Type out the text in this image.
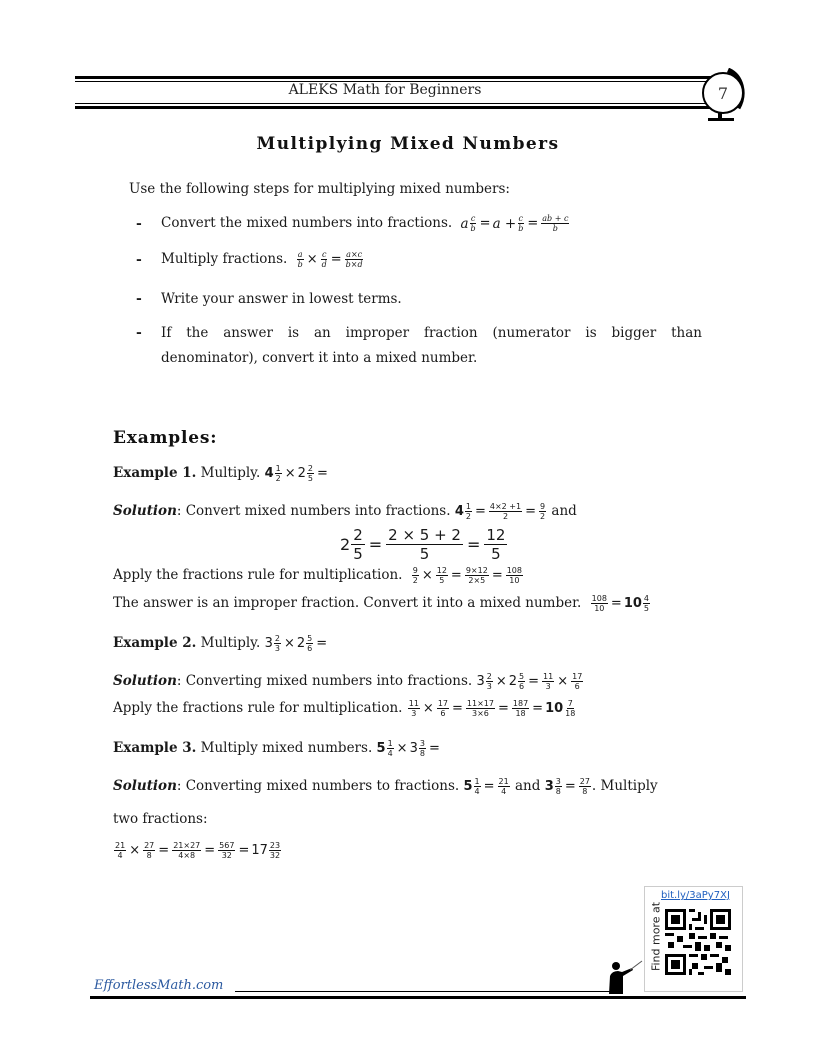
ALEKS Math for Beginners	7
Multiplying Mixed Numbers
Use the following steps for multiplying mixed numbers:
- Convert the mixed numbers into fractions. a $\frac{c}{b} = a + \frac{c}{b} = \frac{ab + c}{b}$
- Multiply fractions. $\frac{a}{b} \times \frac{c}{d} = \frac{a\times c}{b\times d}$
- Write your answer in lowest terms.
- If the answer is an improper fraction (numerator is bigger than
denominator), convert it into a mixed number.
Examples:
Example 1. Multiply. $4 \frac{1}{2} \times 2 \frac{2}{5}$ =
Solution: Convert mixed numbers into fractions. $4 \frac{1}{2} = \frac{4\times 2 +1}{2} = \frac{9}{2}$ and
$2 \frac{2}{5} = \frac{2 \times 5 + 2}{5} = \frac{12}{5}$
Apply the fractions rule for multiplication. $\frac{9}{2} \times \frac{12}{5} = \frac{9\times 12}{2\times 5} = \frac{108}{10}$
The answer is an improper fraction. Convert it into a mixed number. $\frac{108}{10} = 10 \frac{4}{5}$
Example 2. Multiply. $3 \frac{2}{3} \times 2 \frac{5}{6}$ =
Solution: Converting mixed numbers into fractions. $3 \frac{2}{3} \times 2 \frac{5}{6} = \frac{11}{3} \times \frac{17}{6}$
Apply the fractions rule for multiplication. $\frac{11}{3} \times \frac{17}{6} = \frac{11\times 17}{3\times 6} = \frac{187}{18} = 10 \frac{7}{18}$
Example 3. Multiply mixed numbers. $5 \frac{1}{4} \times 3 \frac{3}{8}$ =
Solution: Converting mixed numbers to fractions. $5 \frac{1}{4} = \frac{21}{4}$ and $3 \frac{3}{8} = \frac{27}{8}$ . Multiply
two fractions:
$\frac{21}{4} \times \frac{27}{8} = \frac{21\times 27}{4\times 8} = \frac{567}{32} = 17 \frac{23}{32}$
bit.ly/3aPy7XJ
Find more at
EffortlessMath.com
